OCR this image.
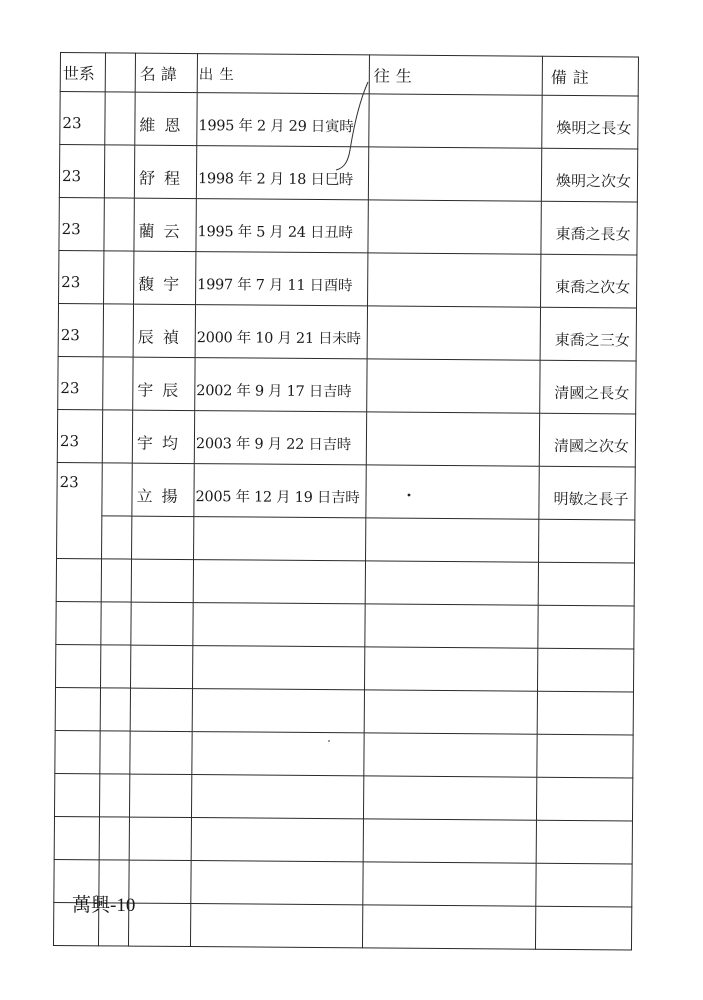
世系		名諱	出生	往生	備註
23		維恩	1995 年 2 月 29 日寅時		煥明之長女
23		舒程	1998 年 2 月 18 日巳時		煥明之次女
23		藺云	1995 年 5 月 24 日丑時		東喬之長女
23		馥宇	1997 年 7 月 11 日酉時		東喬之次女
23		辰禎	2000 年 10 月 21 日未時		東喬之三女
23		宇辰	2002 年 9 月 17 日吉時		清國之長女
23		宇均	2003 年 9 月 22 日吉時		清國之次女
23		立揚	2005 年 12 月 19 日吉時		明敏之長子

萬興-10
